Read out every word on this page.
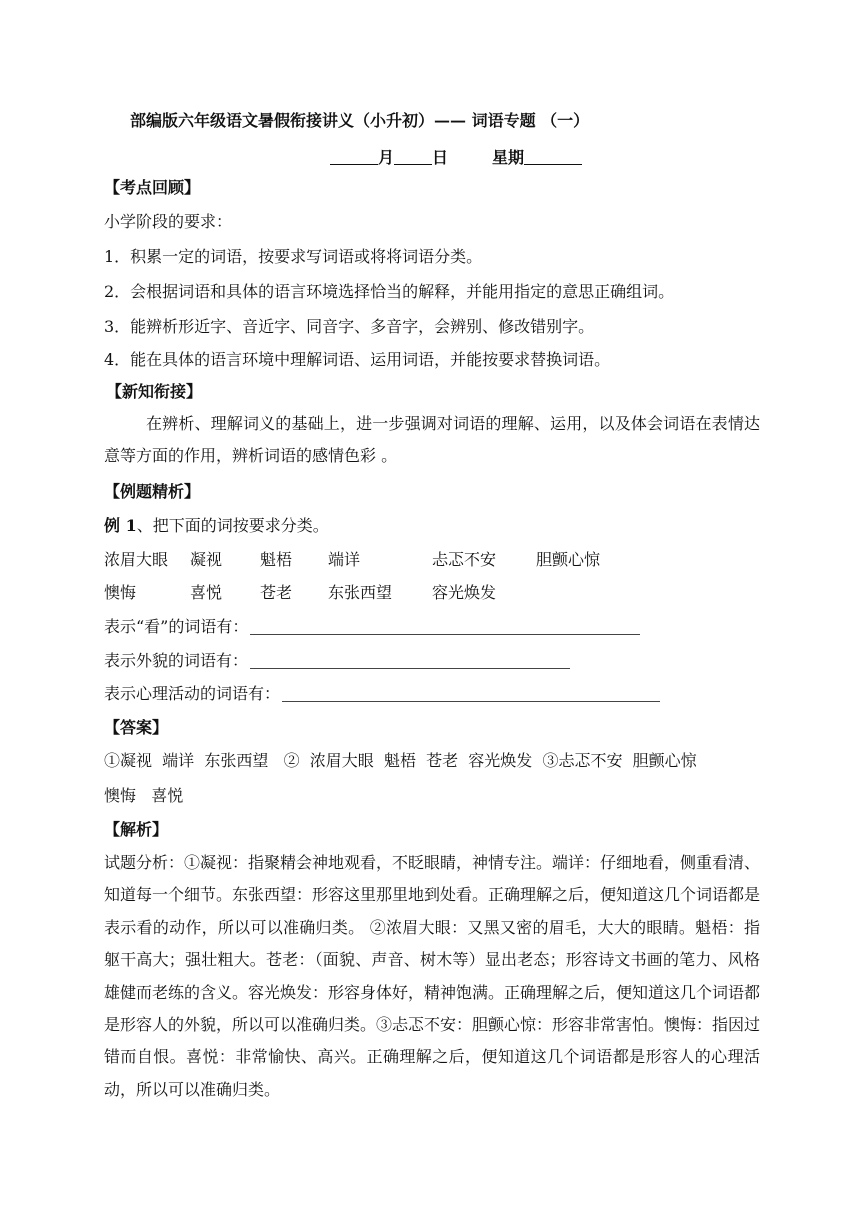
部编版六年级语文暑假衔接讲义（小升初）—— 词语专题 （一）
月 日	星期
【考点回顾】
小学阶段的要求：
1．积累一定的词语，按要求写词语或将将词语分类。
2．会根据词语和具体的语言环境选择恰当的解释，并能用指定的意思正确组词。
3．能辨析形近字、音近字、同音字、多音字，会辨别、修改错别字。
4．能在具体的语言环境中理解词语、运用词语，并能按要求替换词语。
【新知衔接】
在辨析、理解词义的基础上，进一步强调对词语的理解、运用，以及体会词语在表情达意等方面的作用，辨析词语的感情色彩 。
【例题精析】
例 1、把下面的词按要求分类。
浓眉大眼 凝视 魁梧 端详	忐忑不安 胆颤心惊
懊悔	喜悦 苍老 东张西望 容光焕发
表示“看”的词语有：
表示外貌的词语有：
表示心理活动的词语有：
【答案】
①凝视  端详  东张西望   ②  浓眉大眼  魁梧  苍老  容光焕发  ③忐忑不安  胆颤心惊
懊悔   喜悦
【解析】
试题分析：①凝视：指聚精会神地观看，不眨眼睛，神情专注。端详：仔细地看，侧重看清、知道每一个细节。东张西望：形容这里那里地到处看。正确理解之后，便知道这几个词语都是表示看的动作，所以可以准确归类。 ②浓眉大眼：又黑又密的眉毛，大大的眼睛。魁梧：指躯干高大；强壮粗大。苍老：（面貌、声音、树木等）显出老态；形容诗文书画的笔力、风格雄健而老练的含义。容光焕发：形容身体好，精神饱满。正确理解之后，便知道这几个词语都是形容人的外貌，所以可以准确归类。③忐忑不安：胆颤心惊：形容非常害怕。懊悔：指因过错而自恨。喜悦：非常愉快、高兴。正确理解之后，便知道这几个词语都是形容人的心理活动，所以可以准确归类。
